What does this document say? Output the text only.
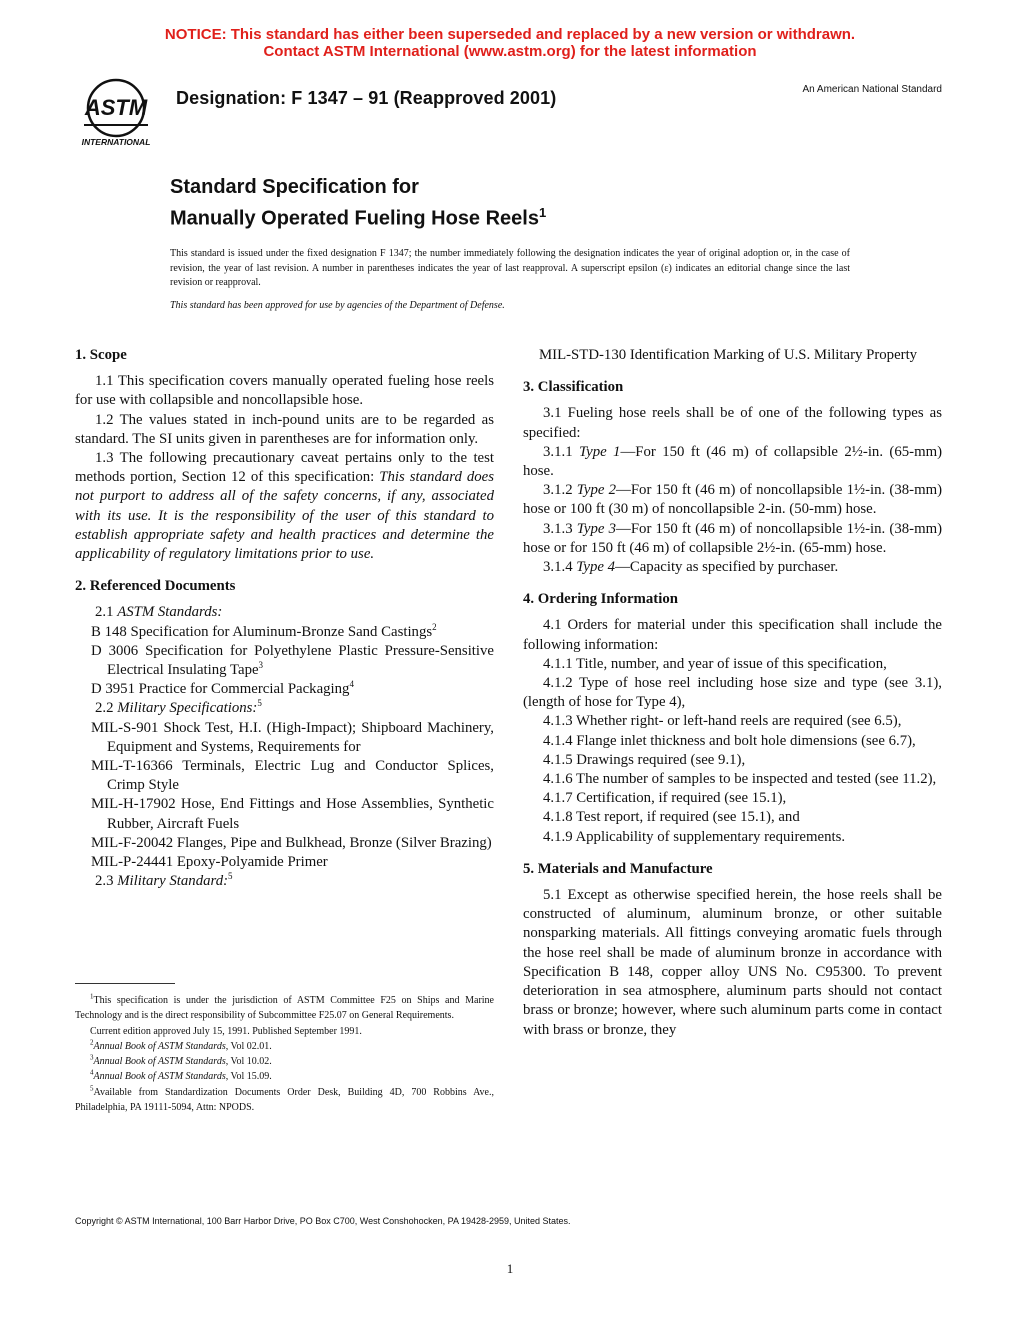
NOTICE: This standard has either been superseded and replaced by a new version or withdrawn.
Contact ASTM International (www.astm.org) for the latest information
ASTM
INTERNATIONAL
Designation: F 1347 – 91 (Reapproved 2001)	An American National Standard
Standard Specification for
Manually Operated Fueling Hose Reels$^1$
This standard is issued under the fixed designation F 1347; the number immediately following the designation indicates the year of original adoption or, in the case of revision, the year of last revision. A number in parentheses indicates the year of last reapproval. A superscript epsilon (ε) indicates an editorial change since the last revision or reapproval.
This standard has been approved for use by agencies of the Department of Defense.
1. Scope

1.1 This specification covers manually operated fueling hose reels for use with collapsible and noncollapsible hose.

1.2 The values stated in inch-pound units are to be regarded as standard. The SI units given in parentheses are for information only.

1.3 The following precautionary caveat pertains only to the test methods portion, Section 12 of this specification: This standard does not purport to address all of the safety concerns, if any, associated with its use. It is the responsibility of the user of this standard to establish appropriate safety and health practices and determine the applicability of regulatory limitations prior to use.

2. Referenced Documents

2.1 ASTM Standards:

B 148 Specification for Aluminum-Bronze Sand Castings$^2$

D 3006 Specification for Polyethylene Plastic Pressure-Sensitive Electrical Insulating Tape$^3$

D 3951 Practice for Commercial Packaging$^4$

2.2 Military Specifications:$^5$

MIL-S-901 Shock Test, H.I. (High-Impact); Shipboard Machinery, Equipment and Systems, Requirements for

MIL-T-16366 Terminals, Electric Lug and Conductor Splices, Crimp Style

MIL-H-17902 Hose, End Fittings and Hose Assemblies, Synthetic Rubber, Aircraft Fuels

MIL-F-20042 Flanges, Pipe and Bulkhead, Bronze (Silver Brazing)

MIL-P-24441 Epoxy-Polyamide Primer

2.3 Military Standard:$^5$

MIL-STD-130 Identification Marking of U.S. Military Property

3. Classification

3.1 Fueling hose reels shall be of one of the following types as specified:

3.1.1 Type 1—For 150 ft (46 m) of collapsible 2½-in. (65-mm) hose.

3.1.2 Type 2—For 150 ft (46 m) of noncollapsible 1½-in. (38-mm) hose or 100 ft (30 m) of noncollapsible 2-in. (50-mm) hose.

3.1.3 Type 3—For 150 ft (46 m) of noncollapsible 1½-in. (38-mm) hose or for 150 ft (46 m) of collapsible 2½-in. (65-mm) hose.

3.1.4 Type 4—Capacity as specified by purchaser.

4. Ordering Information

4.1 Orders for material under this specification shall include the following information:

4.1.1 Title, number, and year of issue of this specification,

4.1.2 Type of hose reel including hose size and type (see 3.1), (length of hose for Type 4),

4.1.3 Whether right- or left-hand reels are required (see 6.5),

4.1.4 Flange inlet thickness and bolt hole dimensions (see 6.7),

4.1.5 Drawings required (see 9.1),

4.1.6 The number of samples to be inspected and tested (see 11.2),

4.1.7 Certification, if required (see 15.1),

4.1.8 Test report, if required (see 15.1), and

4.1.9 Applicability of supplementary requirements.

5. Materials and Manufacture

5.1 Except as otherwise specified herein, the hose reels shall be constructed of aluminum, aluminum bronze, or other suitable nonsparking materials. All fittings conveying aromatic fuels through the hose reel shall be made of aluminum bronze in accordance with Specification B 148, copper alloy UNS No. C95300. To prevent deterioration in sea atmosphere, aluminum parts should not contact brass or bronze; however, where such aluminum parts come in contact with brass or bronze, they

$^1$This specification is under the jurisdiction of ASTM Committee F25 on Ships and Marine Technology and is the direct responsibility of Subcommittee F25.07 on General Requirements.

Current edition approved July 15, 1991. Published September 1991.

$^2$Annual Book of ASTM Standards, Vol 02.01.

$^3$Annual Book of ASTM Standards, Vol 10.02.

$^4$Annual Book of ASTM Standards, Vol 15.09.

$^5$Available from Standardization Documents Order Desk, Building 4D, 700 Robbins Ave., Philadelphia, PA 19111-5094, Attn: NPODS.

Copyright © ASTM International, 100 Barr Harbor Drive, PO Box C700, West Conshohocken, PA 19428-2959, United States.
1
